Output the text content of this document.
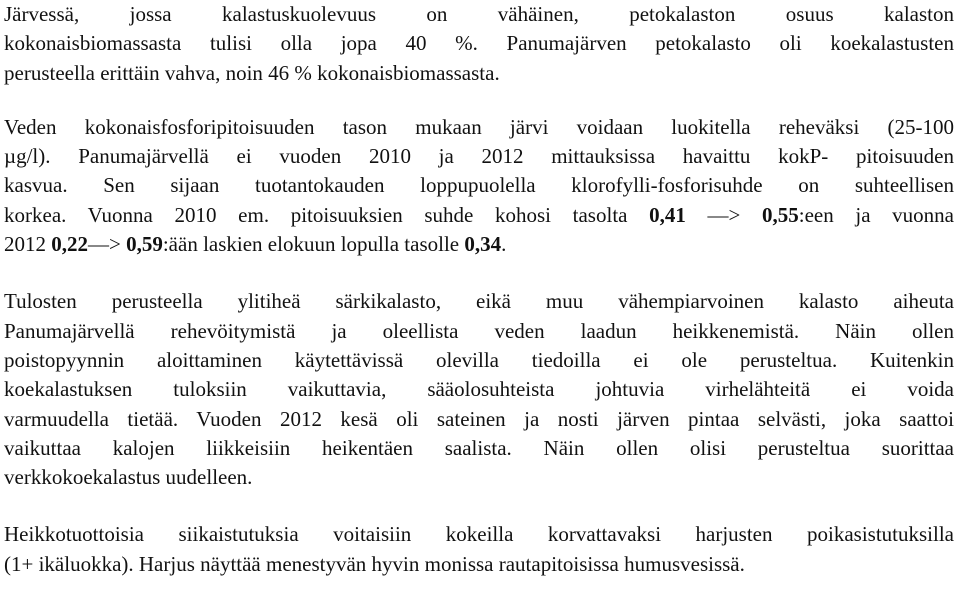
Järvessä, jossa kalastuskuolevuus on vähäinen, petokalaston osuus kalaston
kokonaisbiomassasta tulisi olla jopa 40 %. Panumajärven petokalasto oli koekalastusten
perusteella erittäin vahva, noin 46 % kokonaisbiomassasta.

Veden kokonaisfosforipitoisuuden tason mukaan järvi voidaan luokitella reheväksi (25-100
µg/l). Panumajärvellä ei vuoden 2010 ja 2012 mittauksissa havaittu kokP- pitoisuuden
kasvua. Sen sijaan tuotantokauden loppupuolella klorofylli-fosforisuhde on suhteellisen
korkea. Vuonna 2010 em. pitoisuuksien suhde kohosi tasolta 0,41 —> 0,55:een ja vuonna
2012 0,22—> 0,59:ään laskien elokuun lopulla tasolle 0,34.

Tulosten perusteella ylitiheä särkikalasto, eikä muu vähempiarvoinen kalasto aiheuta
Panumajärvellä rehevöitymistä ja oleellista veden laadun heikkenemistä. Näin ollen
poistopyynnin aloittaminen käytettävissä olevilla tiedoilla ei ole perusteltua. Kuitenkin
koekalastuksen tuloksiin vaikuttavia, sääolosuhteista johtuvia virhelähteitä ei voida
varmuudella tietää. Vuoden 2012 kesä oli sateinen ja nosti järven pintaa selvästi, joka saattoi
vaikuttaa kalojen liikkeisiin heikentäen saalista. Näin ollen olisi perusteltua suorittaa
verkkokoekalastus uudelleen.

Heikkotuottoisia siikaistutuksia voitaisiin kokeilla korvattavaksi harjusten poikasistutuksilla
(1+ ikäluokka). Harjus näyttää menestyvän hyvin monissa rautapitoisissa humusvesissä.
